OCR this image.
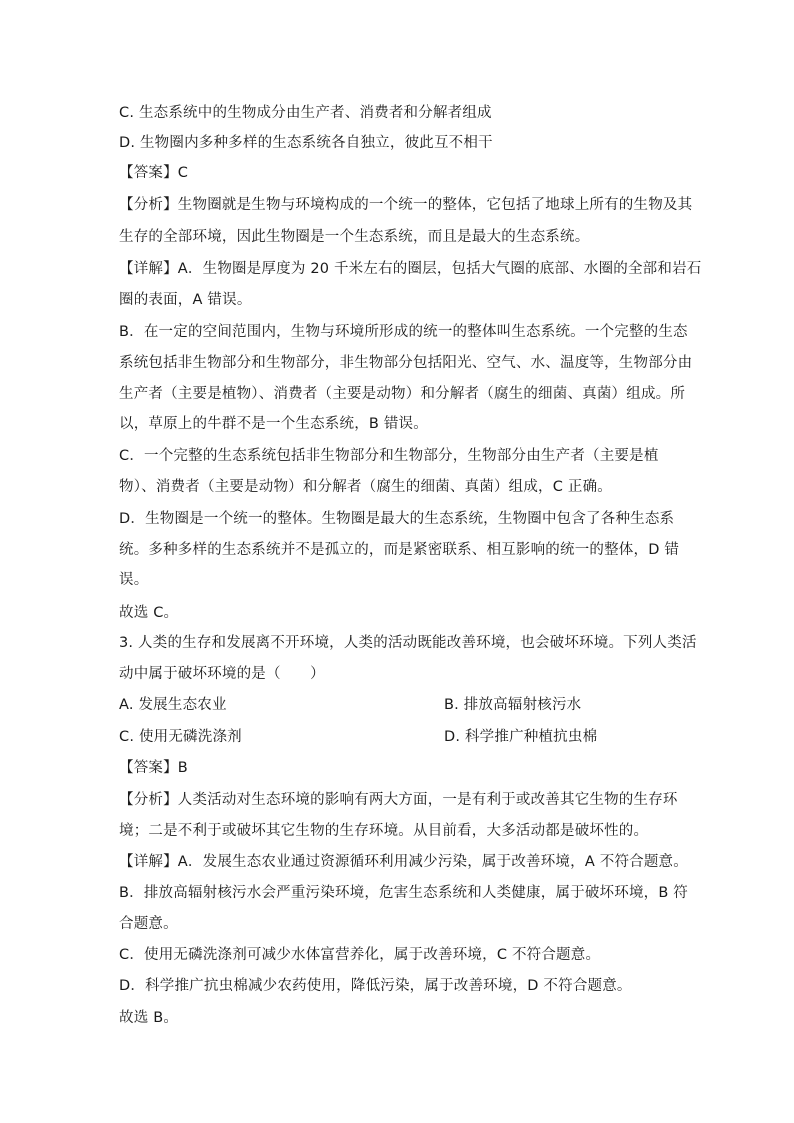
C. 生态系统中的生物成分由生产者、消费者和分解者组成
D. 生物圈内多种多样的生态系统各自独立，彼此互不相干
【答案】C
【分析】生物圈就是生物与环境构成的一个统一的整体，它包括了地球上所有的生物及其
生存的全部环境，因此生物圈是一个生态系统，而且是最大的生态系统。
【详解】A．生物圈是厚度为 20 千米左右的圈层，包括大气圈的底部、水圈的全部和岩石
圈的表面，A 错误。
B．在一定的空间范围内，生物与环境所形成的统一的整体叫生态系统。一个完整的生态
系统包括非生物部分和生物部分，非生物部分包括阳光、空气、水、温度等，生物部分由
生产者（主要是植物）、消费者（主要是动物）和分解者（腐生的细菌、真菌）组成。所
以，草原上的牛群不是一个生态系统，B 错误。
C．一个完整的生态系统包括非生物部分和生物部分，生物部分由生产者（主要是植
物）、消费者（主要是动物）和分解者（腐生的细菌、真菌）组成，C 正确。
D．生物圈是一个统一的整体。生物圈是最大的生态系统，生物圈中包含了各种生态系
统。多种多样的生态系统并不是孤立的，而是紧密联系、相互影响的统一的整体，D 错
误。
故选 C。
3. 人类的生存和发展离不开环境，人类的活动既能改善环境，也会破坏环境。下列人类活
动中属于破坏环境的是（　　）
A. 发展生态农业	B. 排放高辐射核污水
C. 使用无磷洗涤剂	D. 科学推广种植抗虫棉
【答案】B
【分析】人类活动对生态环境的影响有两大方面，一是有利于或改善其它生物的生存环
境；二是不利于或破坏其它生物的生存环境。从目前看，大多活动都是破坏性的。
【详解】A．发展生态农业通过资源循环利用减少污染，属于改善环境，A 不符合题意。
B．排放高辐射核污水会严重污染环境，危害生态系统和人类健康，属于破坏环境，B 符
合题意。
C．使用无磷洗涤剂可减少水体富营养化，属于改善环境，C 不符合题意。
D．科学推广抗虫棉减少农药使用，降低污染，属于改善环境，D 不符合题意。
故选 B。
